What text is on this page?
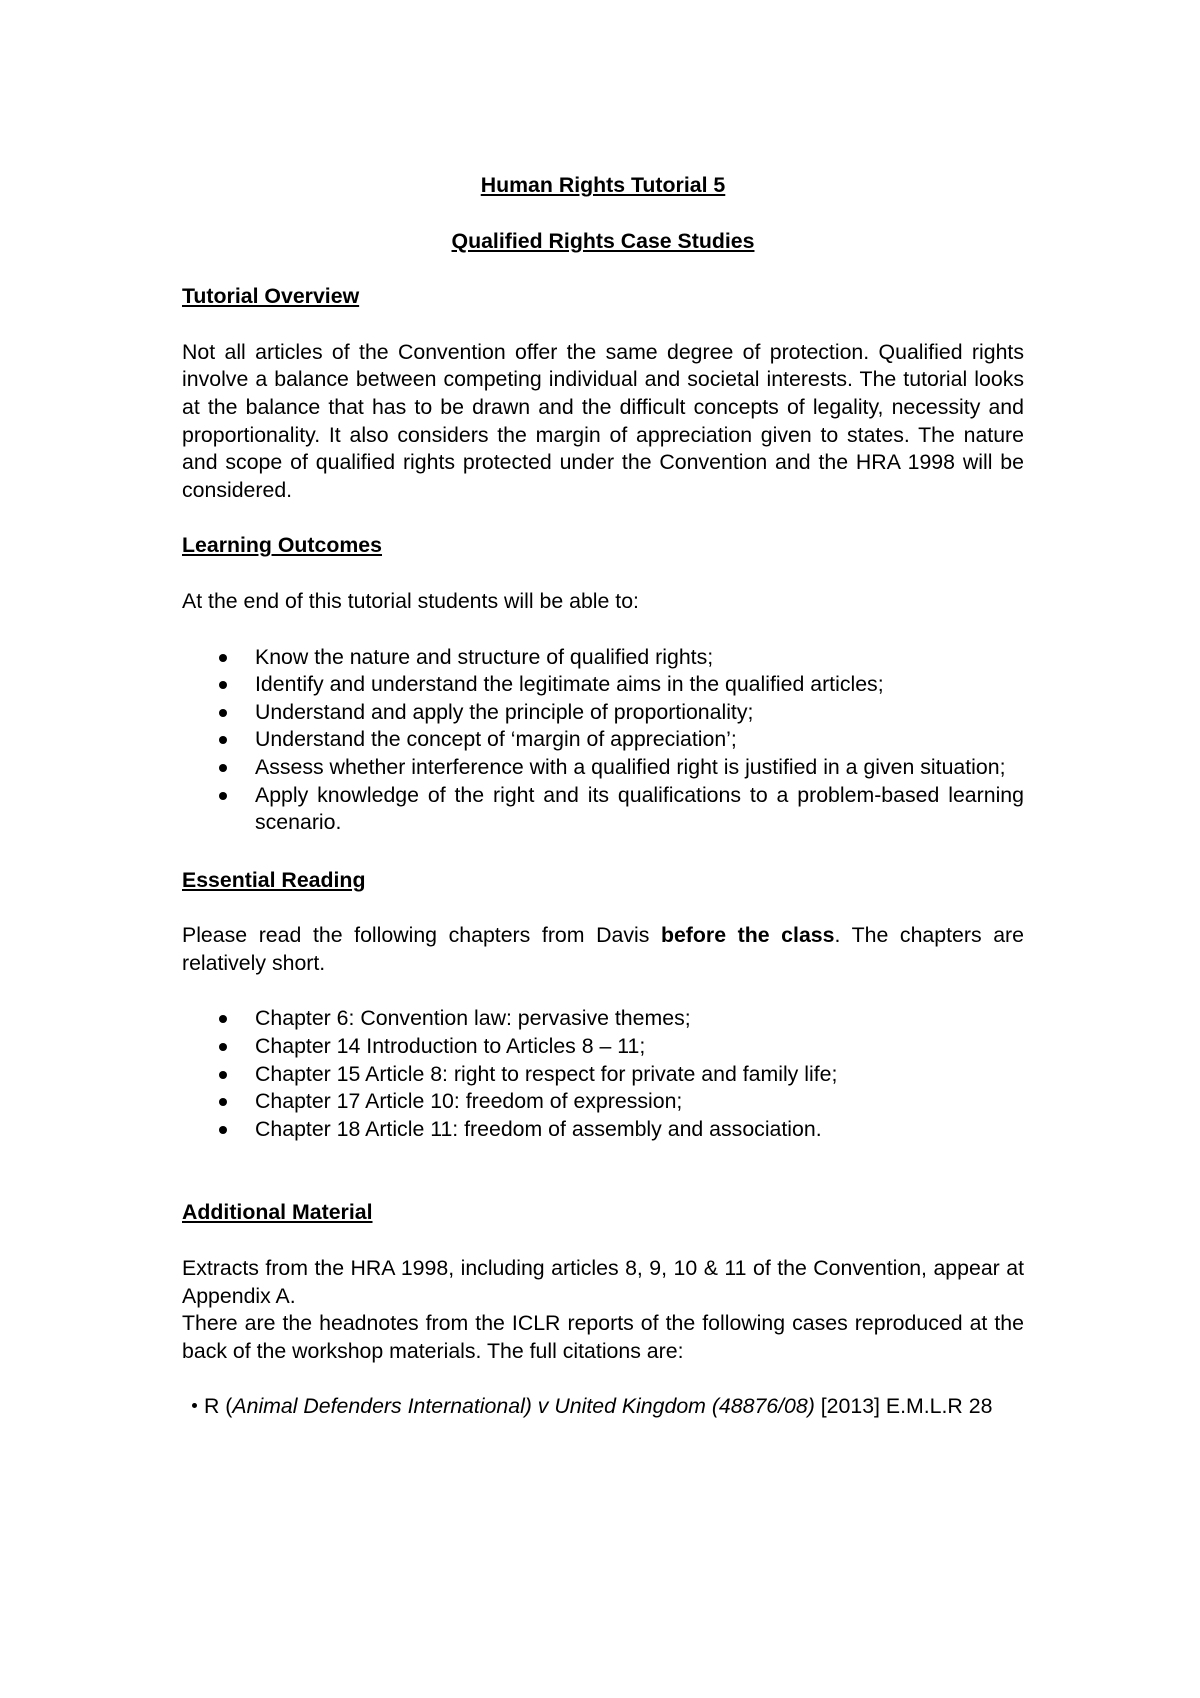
Human Rights Tutorial 5
Qualified Rights Case Studies
Tutorial Overview

Not all articles of the Convention offer the same degree of protection. Qualified rights involve a balance between competing individual and societal interests. The tutorial looks at the balance that has to be drawn and the difficult concepts of legality, necessity and proportionality. It also considers the margin of appreciation given to states. The nature and scope of qualified rights protected under the Convention and the HRA 1998 will be considered.

Learning Outcomes

At the end of this tutorial students will be able to:

Know the nature and structure of qualified rights;
Identify and understand the legitimate aims in the qualified articles;
Understand and apply the principle of proportionality;
Understand the concept of ‘margin of appreciation’;
Assess whether interference with a qualified right is justified in a given situation;
Apply knowledge of the right and its qualifications to a problem-based learning scenario.
Essential Reading

Please read the following chapters from Davis before the class. The chapters are relatively short.

Chapter 6: Convention law: pervasive themes;
Chapter 14 Introduction to Articles 8 – 11;
Chapter 15 Article 8: right to respect for private and family life;
Chapter 17 Article 10: freedom of expression;
Chapter 18 Article 11: freedom of assembly and association.
Additional Material

Extracts from the HRA 1998, including articles 8, 9, 10 & 11 of the Convention, appear at Appendix A.

There are the headnotes from the ICLR reports of the following cases reproduced at the back of the workshop materials. The full citations are:

R (Animal Defenders International) v United Kingdom (48876/08) [2013] E.M.L.R 28
